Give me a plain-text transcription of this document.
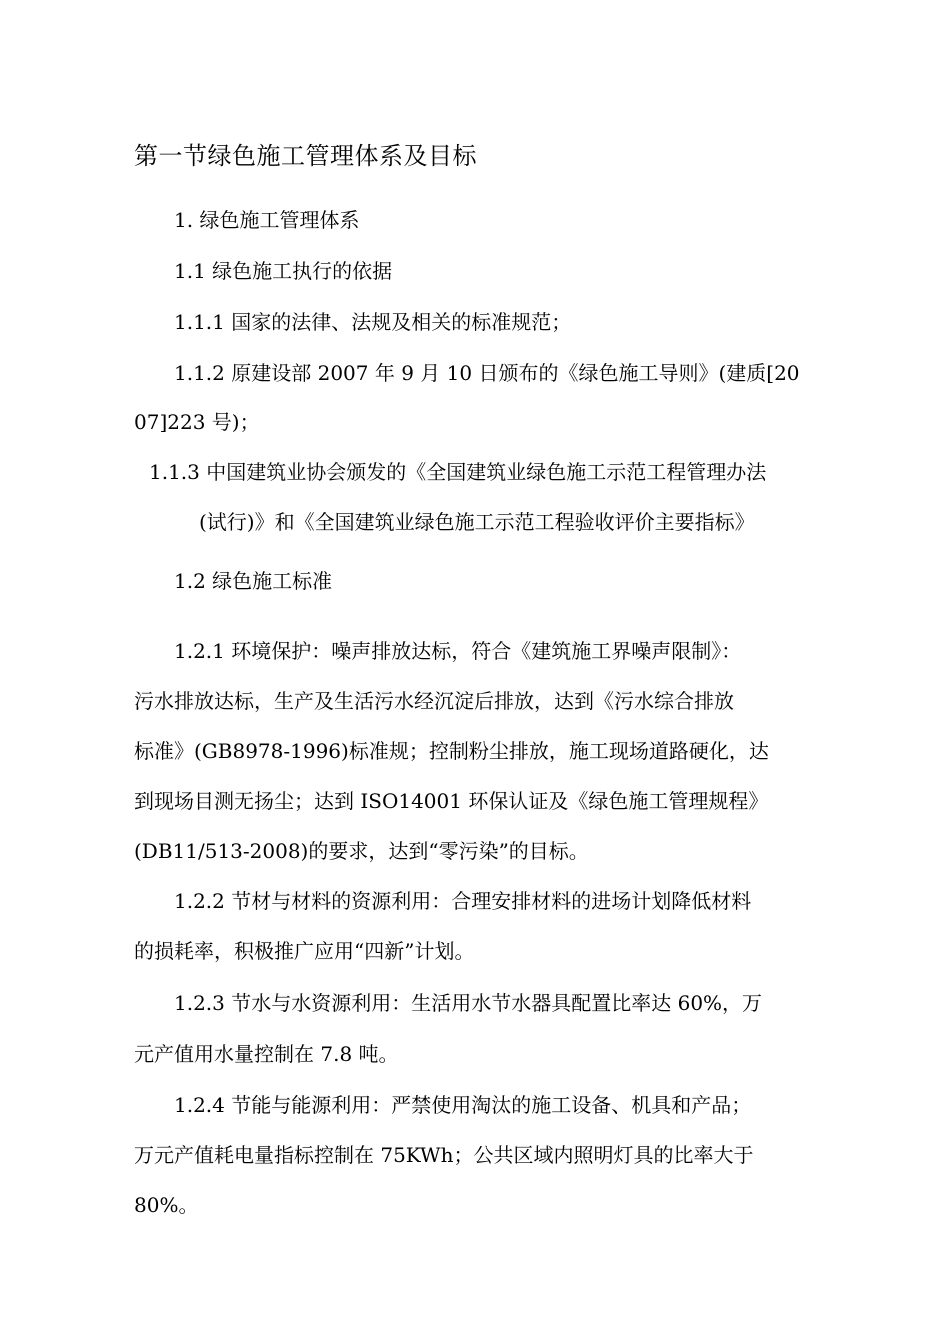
第一节绿色施工管理体系及目标
1. 绿色施工管理体系
1.1 绿色施工执行的依据
1.1.1 国家的法律、法规及相关的标准规范；
1.1.2 原建设部 2007 年 9 月 10 日颁布的《绿色施工导则》(建质[20
07]223 号)；
1.1.3 中国建筑业协会颁发的《全国建筑业绿色施工示范工程管理办法
(试行)》和《全国建筑业绿色施工示范工程验收评价主要指标》
1.2 绿色施工标准
1.2.1 环境保护：噪声排放达标，符合《建筑施工界噪声限制》：
污水排放达标，生产及生活污水经沉淀后排放，达到《污水综合排放
标准》(GB8978-1996)标准规；控制粉尘排放，施工现场道路硬化，达
到现场目测无扬尘；达到 ISO14001 环保认证及《绿色施工管理规程》
(DB11/513-2008)的要求，达到“零污染”的目标。
1.2.2 节材与材料的资源利用：合理安排材料的进场计划降低材料
的损耗率，积极推广应用“四新”计划。
1.2.3 节水与水资源利用：生活用水节水器具配置比率达 60%，万
元产值用水量控制在 7.8 吨。
1.2.4 节能与能源利用：严禁使用淘汰的施工设备、机具和产品；
万元产值耗电量指标控制在 75KWh；公共区域内照明灯具的比率大于
80%。
